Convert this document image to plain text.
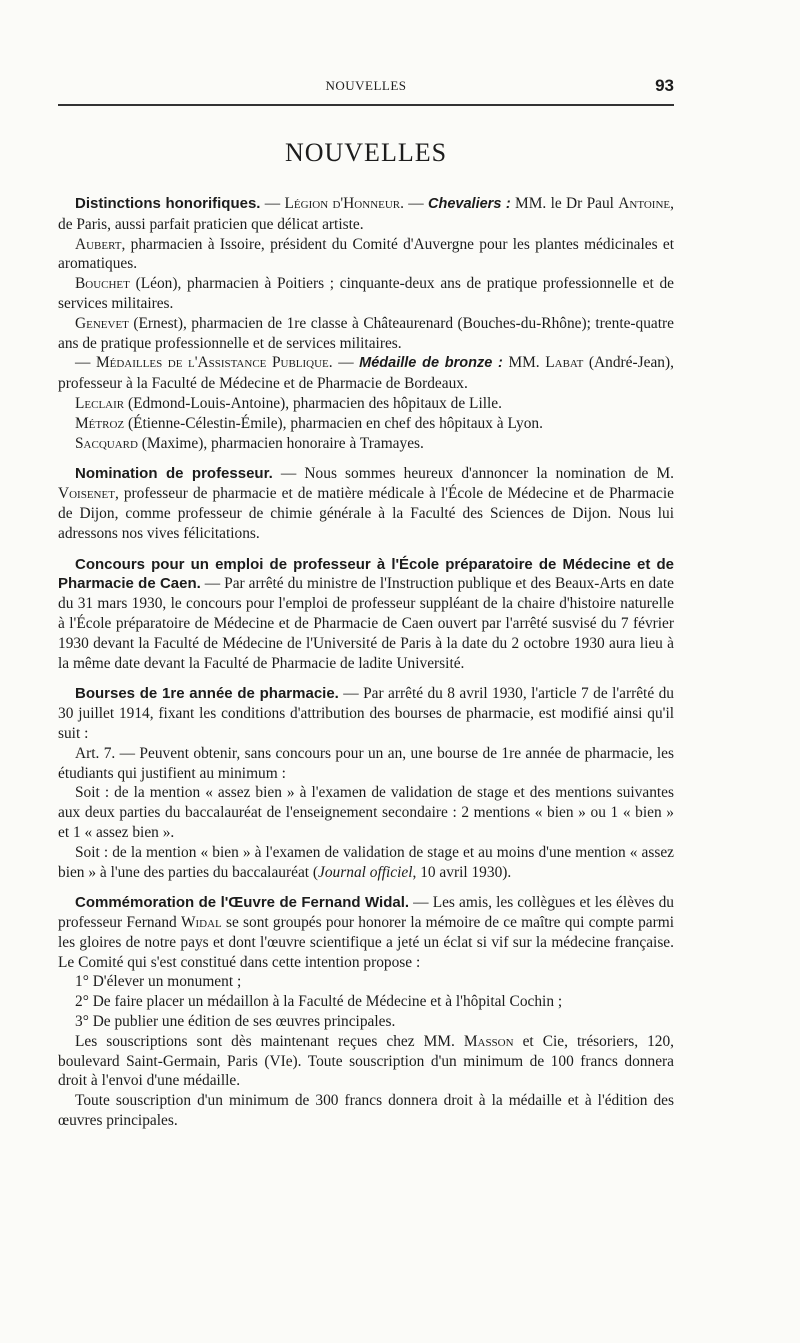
NOUVELLES	93
NOUVELLES

Distinctions honorifiques. — Légion d'Honneur. — Chevaliers : MM. le Dr Paul Antoine, de Paris, aussi parfait praticien que délicat artiste.

Aubert, pharmacien à Issoire, président du Comité d'Auvergne pour les plantes médicinales et aromatiques.

Bouchet (Léon), pharmacien à Poitiers ; cinquante-deux ans de pratique professionnelle et de services militaires.

Genevet (Ernest), pharmacien de 1re classe à Châteaurenard (Bouches-du-Rhône); trente-quatre ans de pratique professionnelle et de services militaires.

— Médailles de l'Assistance Publique. — Médaille de bronze : MM. Labat (André-Jean), professeur à la Faculté de Médecine et de Pharmacie de Bordeaux.

Leclair (Edmond-Louis-Antoine), pharmacien des hôpitaux de Lille.

Métroz (Étienne-Célestin-Émile), pharmacien en chef des hôpitaux à Lyon.

Sacquard (Maxime), pharmacien honoraire à Tramayes.

Nomination de professeur. — Nous sommes heureux d'annoncer la nomination de M. Voisenet, professeur de pharmacie et de matière médicale à l'École de Médecine et de Pharmacie de Dijon, comme professeur de chimie générale à la Faculté des Sciences de Dijon. Nous lui adressons nos vives félicitations.

Concours pour un emploi de professeur à l'École préparatoire de Médecine et de Pharmacie de Caen. — Par arrêté du ministre de l'Instruction publique et des Beaux-Arts en date du 31 mars 1930, le concours pour l'emploi de professeur suppléant de la chaire d'histoire naturelle à l'École préparatoire de Médecine et de Pharmacie de Caen ouvert par l'arrêté susvisé du 7 février 1930 devant la Faculté de Médecine de l'Université de Paris à la date du 2 octobre 1930 aura lieu à la même date devant la Faculté de Pharmacie de ladite Université.

Bourses de 1re année de pharmacie. — Par arrêté du 8 avril 1930, l'article 7 de l'arrêté du 30 juillet 1914, fixant les conditions d'attribution des bourses de pharmacie, est modifié ainsi qu'il suit :

Art. 7. — Peuvent obtenir, sans concours pour un an, une bourse de 1re année de pharmacie, les étudiants qui justifient au minimum :

Soit : de la mention « assez bien » à l'examen de validation de stage et des mentions suivantes aux deux parties du baccalauréat de l'enseignement secondaire : 2 mentions « bien » ou 1 « bien » et 1 « assez bien ».

Soit : de la mention « bien » à l'examen de validation de stage et au moins d'une mention « assez bien » à l'une des parties du baccalauréat (Journal officiel, 10 avril 1930).

Commémoration de l'Œuvre de Fernand Widal. — Les amis, les collègues et les élèves du professeur Fernand Widal se sont groupés pour honorer la mémoire de ce maître qui compte parmi les gloires de notre pays et dont l'œuvre scientifique a jeté un éclat si vif sur la médecine française. Le Comité qui s'est constitué dans cette intention propose :

1° D'élever un monument ;

2° De faire placer un médaillon à la Faculté de Médecine et à l'hôpital Cochin ;

3° De publier une édition de ses œuvres principales.

Les souscriptions sont dès maintenant reçues chez MM. Masson et Cie, trésoriers, 120, boulevard Saint-Germain, Paris (VIe). Toute souscription d'un minimum de 100 francs donnera droit à l'envoi d'une médaille.

Toute souscription d'un minimum de 300 francs donnera droit à la médaille et à l'édition des œuvres principales.
